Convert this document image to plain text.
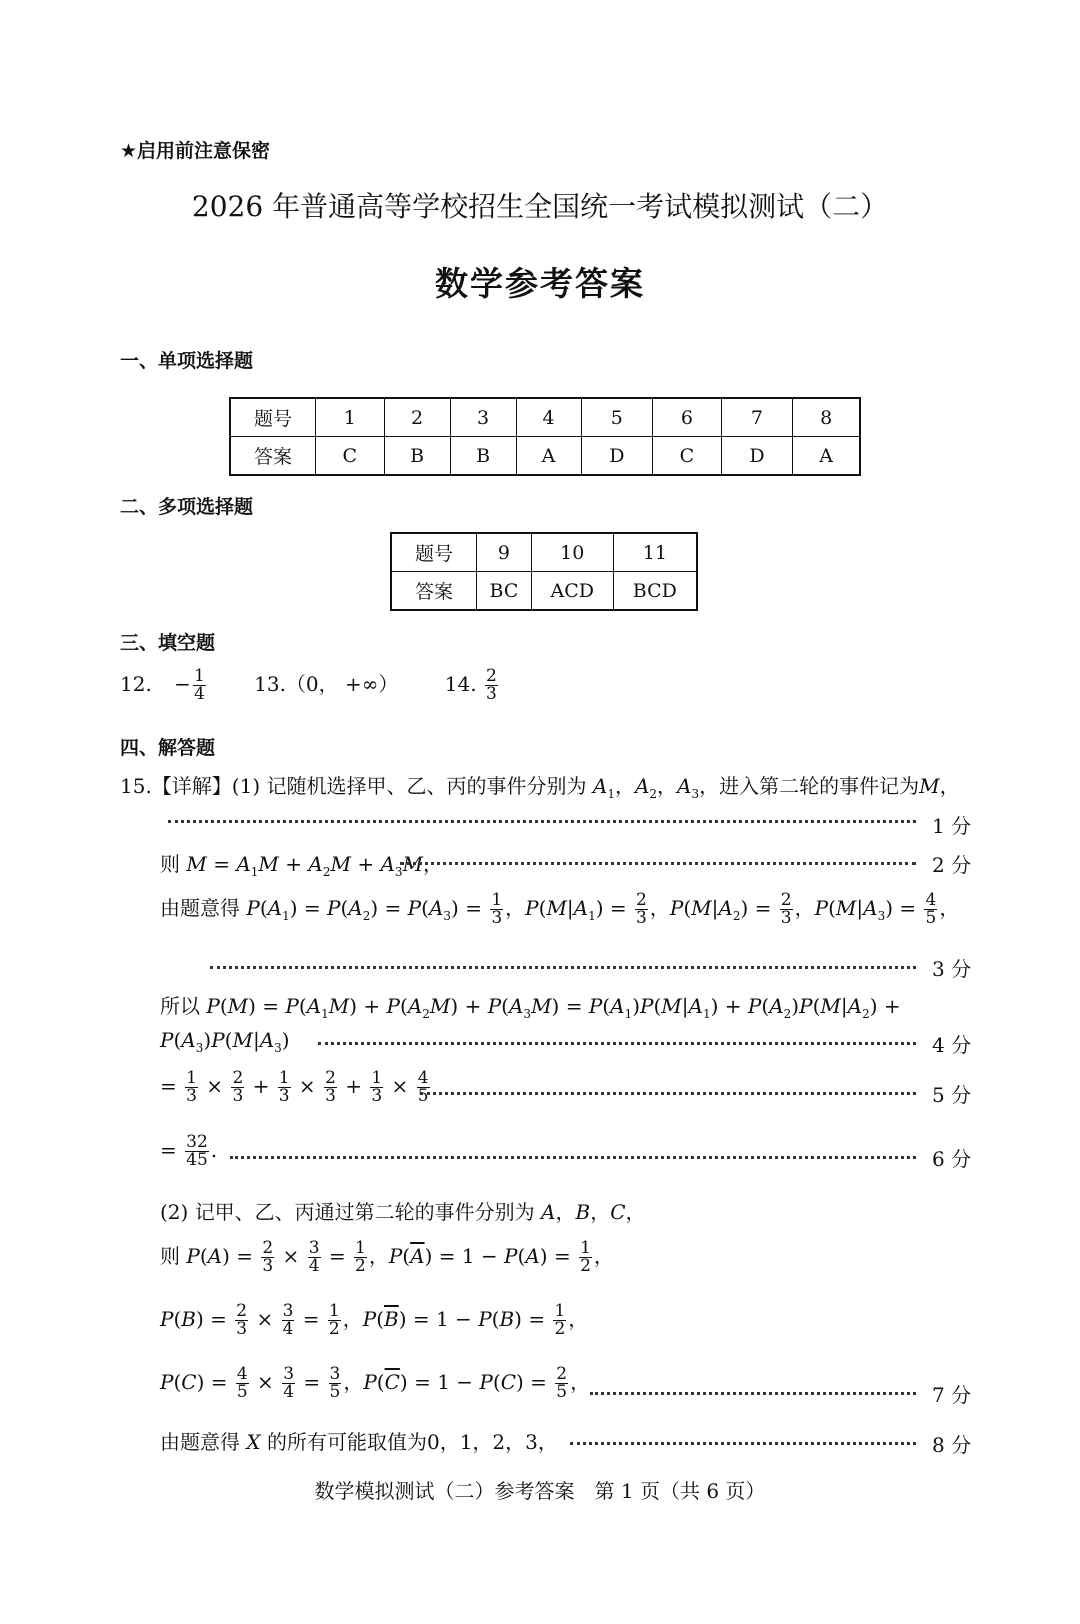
★启用前注意保密
2026 年普通高等学校招生全国统一考试模拟测试（二）
数学参考答案
一、单项选择题
题号	1	2	3	4	5	6	7	8
答案	C	B	B	A	D	C	D	A
二、多项选择题
题号	9	10	11
答案	BC	ACD	BCD
三、填空题
12. − $\frac{1}{4} 13.(0$， +∞） 14. $\frac{2}{3}$
四、解答题
15.【详解】(1) 记随机选择甲、乙、丙的事件分别为 $A_1$，$A_2$，$A_3$，进入第二轮的事件记为M，
1 分
则 $M = A_1M + A_2M + A_3M$，	2 分
由题意得 $P(A_1) = P(A_2) = P(A_3) = \frac{1}{3}$ ，$P(M|A_1) = \frac{2}{3}$ ，$P(M|A_2) = \frac{2}{3}$ ，$P(M|A_3) = \frac{4}{5}$ ，
3 分
所以 $P(M) = P(A_1M) + P(A_2M) + P(A_3M) = P(A_1)P(M|A_1) + P(A_2)P(M|A_2)$ +
$P(A_3)P(M|A_3)$	4 分
= $\frac{1}{3} \times \frac{2}{3} + \frac{1}{3} \times \frac{2}{3} + \frac{1}{3} \times \frac{4}{5}$	5 分
= $\frac{32}{45}$ .	6 分
(2) 记甲、乙、丙通过第二轮的事件分别为 A，B，C，
则 $P(A) = \frac{2}{3} \times \frac{3}{4} = \frac{1}{2}$ ，$P(\overline{A}) = 1 - P(A) = \frac{1}{2}$ ，
$P(B) = \frac{2}{3} \times \frac{3}{4} = \frac{1}{2}$ ，$P(\overline{B}) = 1 - P(B) = \frac{1}{2}$ ，
$P(C) = \frac{4}{5} \times \frac{3}{4} = \frac{3}{5}$ ，$P(\overline{C}) = 1 - P(C) = \frac{2}{5}$ ，
7 分
由题意得 X 的所有可能取值为0，1，2，3，	8 分
数学模拟测试（二）参考答案　第 1 页（共 6 页）
